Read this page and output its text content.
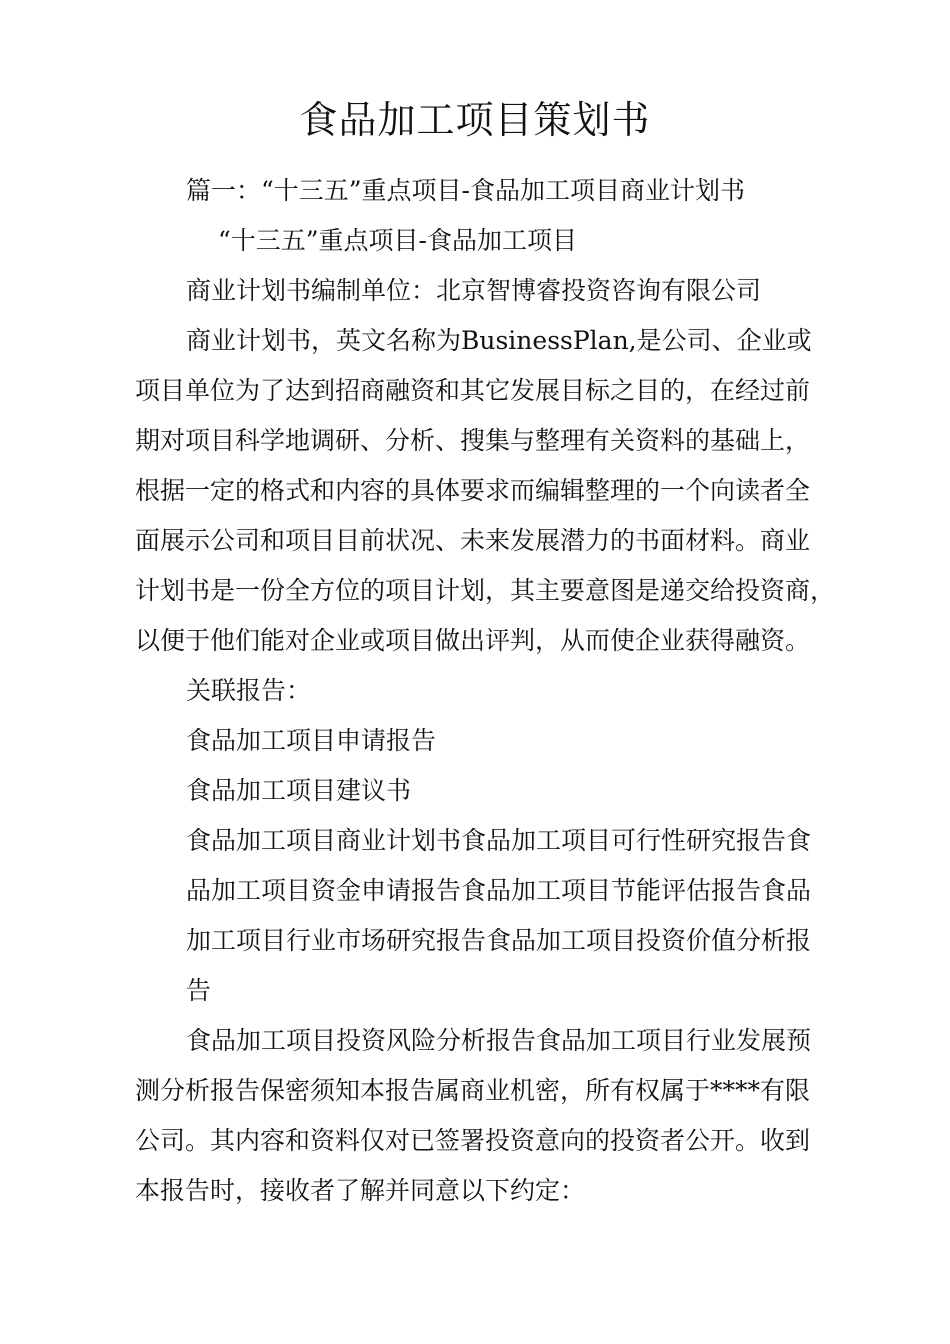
食品加工项目策划书

篇一：“十三五”重点项目-食品加工项目商业计划书

“十三五”重点项目-食品加工项目

商业计划书编制单位：北京智博睿投资咨询有限公司

商业计划书，英文名称为BusinessPlan,是公司、企业或

项目单位为了达到招商融资和其它发展目标之目的，在经过前

期对项目科学地调研、分析、搜集与整理有关资料的基础上，

根据一定的格式和内容的具体要求而编辑整理的一个向读者全

面展示公司和项目目前状况、未来发展潜力的书面材料。商业

计划书是一份全方位的项目计划，其主要意图是递交给投资商，

以便于他们能对企业或项目做出评判，从而使企业获得融资。

关联报告：

食品加工项目申请报告

食品加工项目建议书

食品加工项目商业计划书食品加工项目可行性研究报告食

品加工项目资金申请报告食品加工项目节能评估报告食品

加工项目行业市场研究报告食品加工项目投资价值分析报

告

食品加工项目投资风险分析报告食品加工项目行业发展预

测分析报告保密须知本报告属商业机密，所有权属于****有限

公司。其内容和资料仅对已签署投资意向的投资者公开。收到

本报告时，接收者了解并同意以下约定：
